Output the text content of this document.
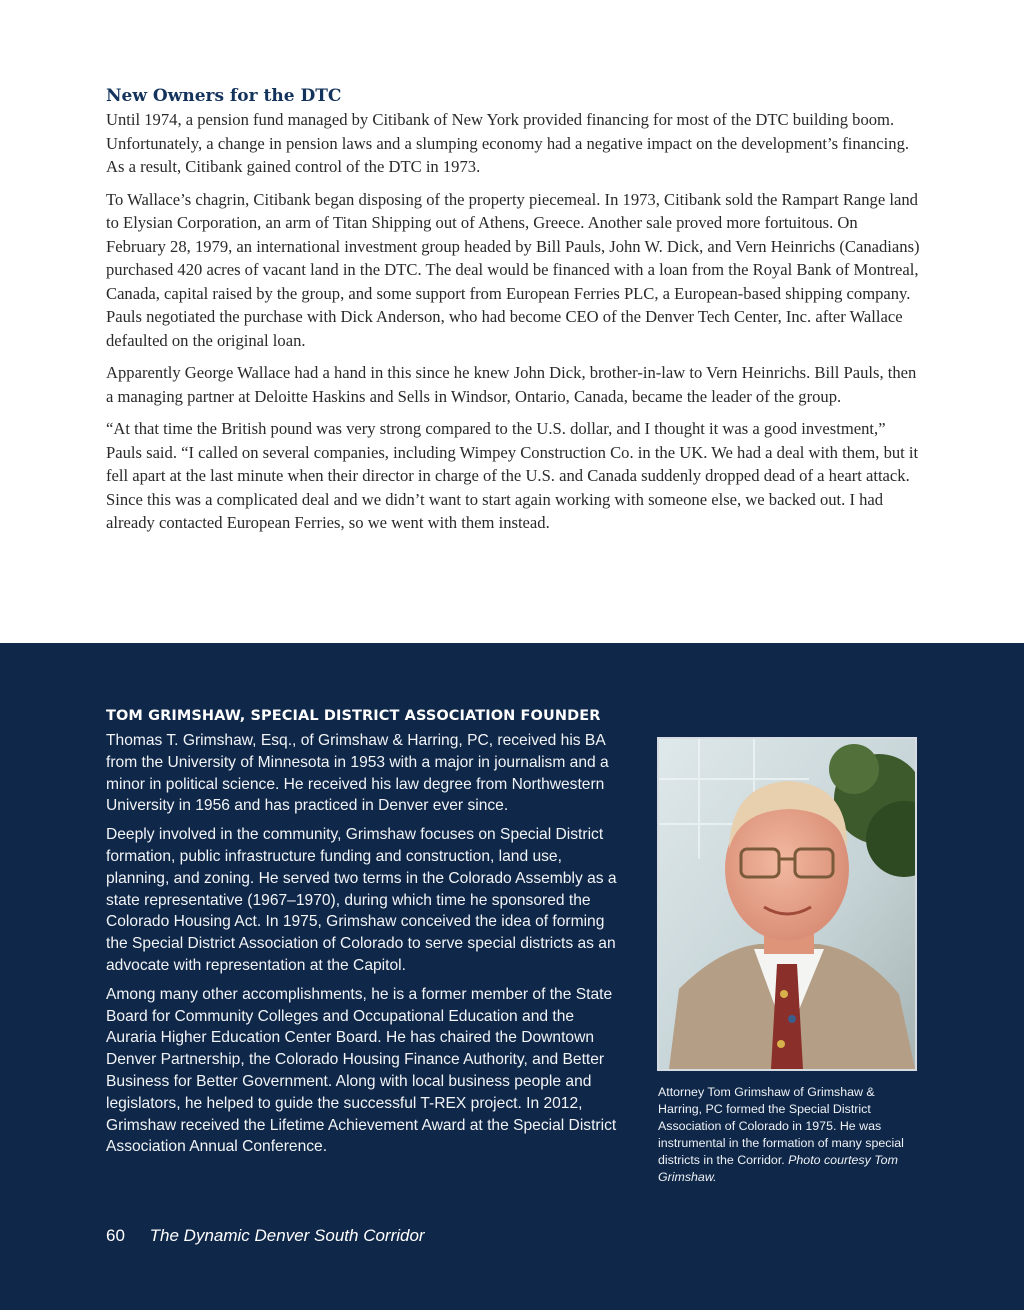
New Owners for the DTC

Until 1974, a pension fund managed by Citibank of New York provided financing for most of the DTC building boom. Unfortunately, a change in pension laws and a slumping economy had a negative impact on the development’s financing. As a result, Citibank gained control of the DTC in 1973.

To Wallace’s chagrin, Citibank began disposing of the property piecemeal. In 1973, Citibank sold the Rampart Range land to Elysian Corporation, an arm of Titan Shipping out of Athens, Greece. Another sale proved more fortuitous. On February 28, 1979, an international investment group headed by Bill Pauls, John W. Dick, and Vern Heinrichs (Canadians) purchased 420 acres of vacant land in the DTC. The deal would be financed with a loan from the Royal Bank of Montreal, Canada, capital raised by the group, and some support from European Ferries PLC, a European-based shipping company. Pauls negotiated the purchase with Dick Anderson, who had become CEO of the Denver Tech Center, Inc. after Wallace defaulted on the original loan.

Apparently George Wallace had a hand in this since he knew John Dick, brother-in-law to Vern Heinrichs. Bill Pauls, then a managing partner at Deloitte Haskins and Sells in Windsor, Ontario, Canada, became the leader of the group.

“At that time the British pound was very strong compared to the U.S. dollar, and I thought it was a good investment,” Pauls said. “I called on several companies, including Wimpey Construction Co. in the UK. We had a deal with them, but it fell apart at the last minute when their director in charge of the U.S. and Canada suddenly dropped dead of a heart attack. Since this was a complicated deal and we didn’t want to start again working with someone else, we backed out. I had already contacted European Ferries, so we went with them instead.

TOM GRIMSHAW, SPECIAL DISTRICT ASSOCIATION FOUNDER

Thomas T. Grimshaw, Esq., of Grimshaw & Harring, PC, received his BA from the University of Minnesota in 1953 with a major in journalism and a minor in political science. He received his law degree from Northwestern University in 1956 and has practiced in Denver ever since.

Deeply involved in the community, Grimshaw focuses on Special District formation, public infrastructure funding and construction, land use, planning, and zoning. He served two terms in the Colorado Assembly as a state representative (1967–1970), during which time he sponsored the Colorado Housing Act. In 1975, Grimshaw conceived the idea of forming the Special District Association of Colorado to serve special districts as an advocate with representation at the Capitol.

Among many other accomplishments, he is a former member of the State Board for Community Colleges and Occupational Education and the Auraria Higher Education Center Board. He has chaired the Downtown Denver Partnership, the Colorado Housing Finance Authority, and Better Business for Better Government. Along with local business people and legislators, he helped to guide the successful T-REX project. In 2012, Grimshaw received the Lifetime Achievement Award at the Special District Association Annual Conference.

Attorney Tom Grimshaw of Grimshaw & Harring, PC formed the Special District Association of Colorado in 1975. He was instrumental in the formation of many special districts in the Corridor. Photo courtesy Tom Grimshaw.
60 The Dynamic Denver South Corridor
